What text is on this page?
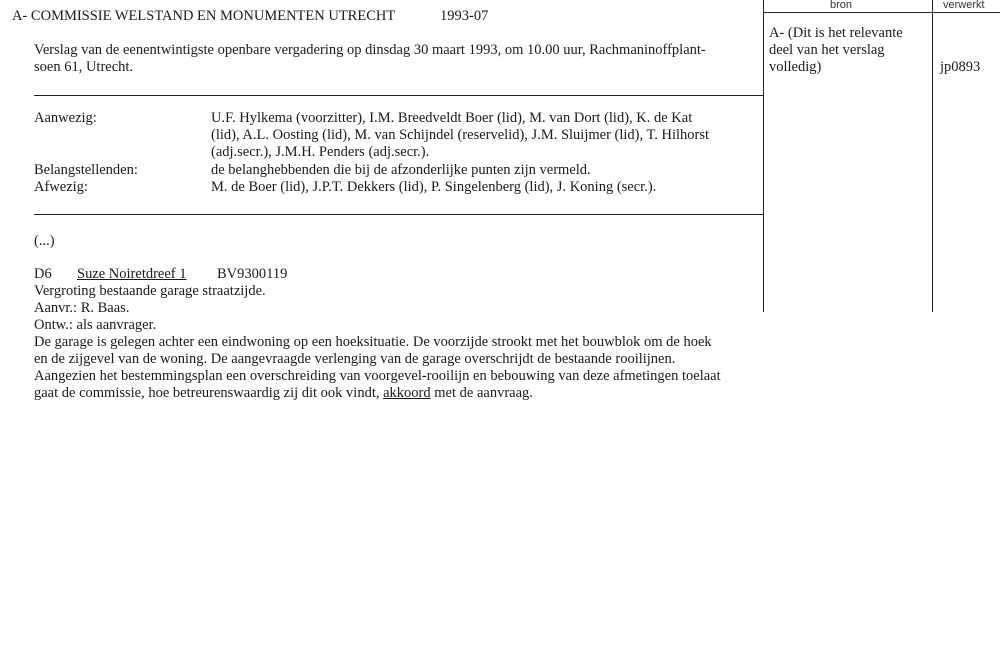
A- COMMISSIE WELSTAND EN MONUMENTEN UTRECHT	1993-07
bron	verwerkt
A- (Dit is het relevante
deel van het verslag
volledig)	jp0893
Verslag van de eenentwintigste openbare vergadering op dinsdag 30 maart 1993, om 10.00 uur, Rachmaninoffplant-
soen 61, Utrecht.
Aanwezig:	U.F. Hylkema (voorzitter), I.M. Breedveldt Boer (lid), M. van Dort (lid), K. de Kat
(lid), A.L. Oosting (lid), M. van Schijndel (reservelid), J.M. Sluijmer (lid), T. Hilhorst
(adj.secr.), J.M.H. Penders (adj.secr.).
Belangstellenden:	de belanghebbenden die bij de afzonderlijke punten zijn vermeld.
Afwezig:	M. de Boer (lid), J.P.T. Dekkers (lid), P. Singelenberg (lid), J. Koning (secr.).
(...)
D6 Suze Noiretdreef 1 BV9300119
Vergroting bestaande garage straatzijde.
Aanvr.: R. Baas.
Ontw.: als aanvrager.
De garage is gelegen achter een eindwoning op een hoeksituatie. De voorzijde strookt met het bouwblok om de hoek
en de zijgevel van de woning. De aangevraagde verlenging van de garage overschrijdt de bestaande rooilijnen.
Aangezien het bestemmingsplan een overschreiding van voorgevel-rooilijn en bebouwing van deze afmetingen toelaat
gaat de commissie, hoe betreurenswaardig zij dit ook vindt, akkoord met de aanvraag.
